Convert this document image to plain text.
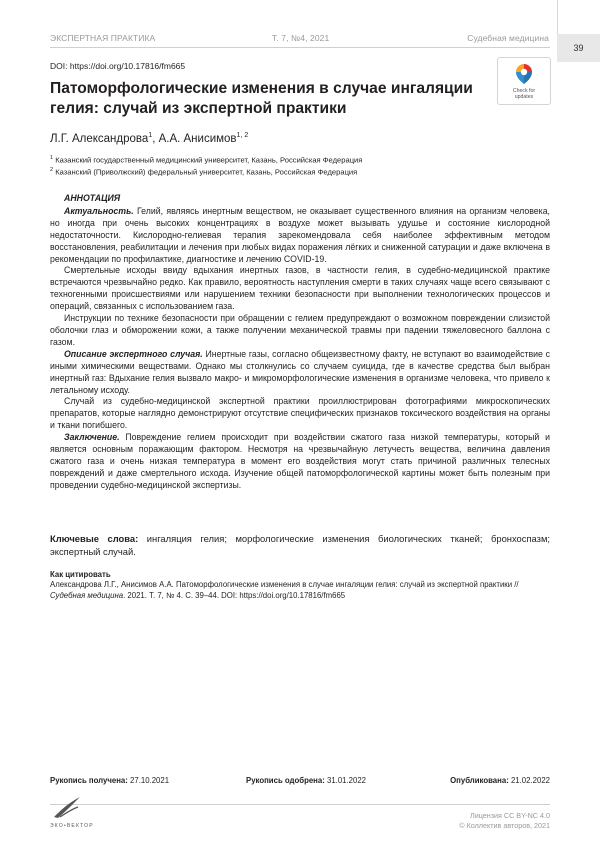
ЭКСПЕРТНАЯ ПРАКТИКА	Т. 7, №4, 2021	Судебная медицина
39
DOI: https://doi.org/10.17816/fm665
Патоморфологические изменения в случае ингаляции гелия: случай из экспертной практики
Check for
updates
Л.Г. Александрова$^1$, А.А. Анисимов$^{1, 2}$
$^1$ Казанский государственный медицинский университет, Казань, Российская Федерация
$^2$ Казанский (Приволжский) федеральный университет, Казань, Российская Федерация

АННОТАЦИЯ

Актуальность. Гелий, являясь инертным веществом, не оказывает существенного влияния на организм человека, но иногда при очень высоких концентрациях в воздухе может вызывать удушье и состояние кислородной недостаточности. Кислородно-гелиевая терапия зарекомендовала себя наиболее эффективным методом восстановления, реабилитации и лечения при любых видах поражения лёгких и сниженной сатурации и даже включена в рекомендации по профилактике, диагностике и лечению COVID-19.

Смертельные исходы ввиду вдыхания инертных газов, в частности гелия, в судебно-медицинской практике встречаются чрезвычайно редко. Как правило, вероятность наступления смерти в таких случаях чаще всего связывают с техногенными происшествиями или нарушением техники безопасности при выполнении технологических процессов и операций, связанных с использованием газа.

Инструкции по технике безопасности при обращении с гелием предупреждают о возможном повреждении слизистой оболочки глаз и обморожении кожи, а также получении механической травмы при падении тяжеловесного баллона с газом.

Описание экспертного случая. Инертные газы, согласно общеизвестному факту, не вступают во взаимодействие с иными химическими веществами. Однако мы столкнулись со случаем суицида, где в качестве средства был выбран инертный газ: Вдыхание гелия вызвало макро- и микроморфологические изменения в организме человека, что привело к летальному исходу.

Случай из судебно-медицинской экспертной практики проиллюстрирован фотографиями микроскопических препаратов, которые наглядно демонстрируют отсутствие специфических признаков токсического воздействия на органы и ткани погибшего.

Заключение. Повреждение гелием происходит при воздействии сжатого газа низкой температуры, который и является основным поражающим фактором. Несмотря на чрезвычайную летучесть вещества, величина давления сжатого газа и очень низкая температура в момент его воздействия могут стать причиной различных телесных повреждений и даже смертельного исхода. Изучение общей патоморфологической картины может быть полезным при проведении судебно-медицинской экспертизы.

Ключевые слова: ингаляция гелия; морфологические изменения биологических тканей; бронхоспазм; экспертный случай.

Как цитировать

Александрова Л.Г., Анисимов А.А. Патоморфологические изменения в случае ингаляции гелия: случай из экспертной практики // Судебная медицина. 2021. Т. 7, № 4. С. 39–44. DOI: https://doi.org/10.17816/fm665

Рукопись получена: 27.10.2021	Рукопись одобрена: 31.01.2022	Опубликована: 21.02.2022
ЭКО•ВЕКТОР
Лицензия CC BY-NC 4.0
© Коллектив авторов, 2021
